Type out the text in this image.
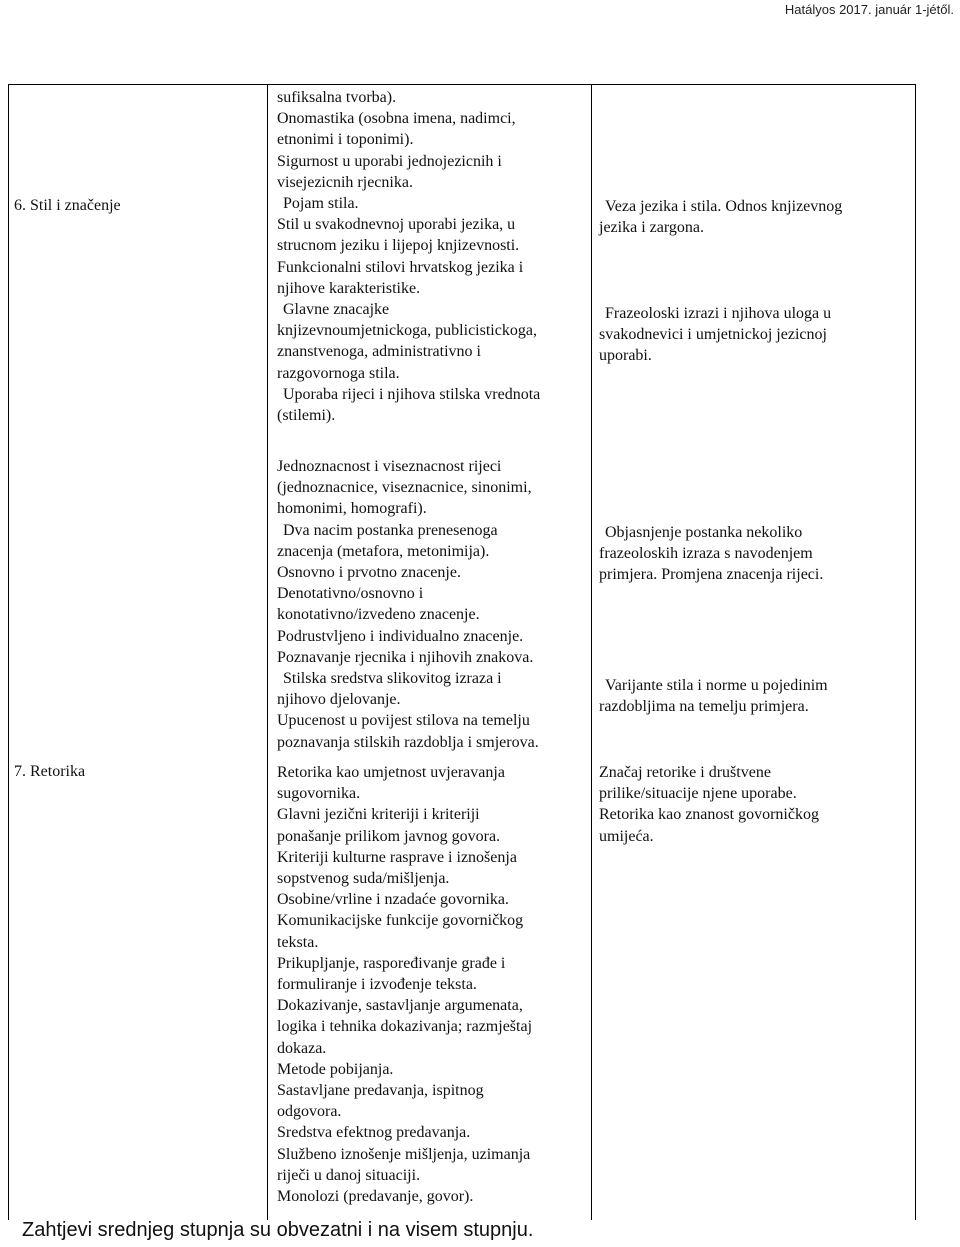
Hatályos 2017. január 1-jétől.
6. Stil i značenje
7. Retorika
sufiksalna tvorba).
Onomastika (osobna imena, nadimci,
etnonimi i toponimi).
Sigurnost u uporabi jednojezicnih i
visejezicnih rjecnika.
Pojam stila.
Stil u svakodnevnoj uporabi jezika, u
strucnom jeziku i lijepoj knjizevnosti.
Funkcionalni stilovi hrvatskog jezika i
njihove karakteristike.
Glavne znacajke
knjizevnoumjetnickoga, publicistickoga,
znanstvenoga, administrativno i
razgovornoga stila.
Uporaba rijeci i njihova stilska vrednota
(stilemi).
Jednoznacnost i viseznacnost rijeci
(jednoznacnice, viseznacnice, sinonimi,
homonimi, homografi).
Dva nacim postanka prenesenoga
znacenja (metafora, metonimija).
Osnovno i prvotno znacenje.
Denotativno/osnovno i
konotativno/izvedeno znacenje.
Podrustvljeno i individualno znacenje.
Poznavanje rjecnika i njihovih znakova.
Stilska sredstva slikovitog izraza i
njihovo djelovanje.
Upucenost u povijest stilova na temelju
poznavanja stilskih razdoblja i smjerova.
Retorika kao umjetnost uvjeravanja
sugovornika.
Glavni jezični kriteriji i kriteriji
ponašanje prilikom javnog govora.
Kriteriji kulturne rasprave i iznošenja
sopstvenog suda/mišljenja.
Osobine/vrline i nzadaće govornika.
Komunikacijske funkcije govorničkog
teksta.
Prikupljanje, raspoređivanje građe i
formuliranje i izvođenje teksta.
Dokazivanje, sastavljanje argumenata,
logika i tehnika dokazivanja; razmještaj
dokaza.
Metode pobijanja.
Sastavljane predavanja, ispitnog
odgovora.
Sredstva efektnog predavanja.
Službeno iznošenje mišljenja, uzimanja
riječi u danoj situaciji.
Monolozi (predavanje, govor).
Veza jezika i stila. Odnos knjizevnog
jezika i zargona.
Frazeoloski izrazi i njihova uloga u
svakodnevici i umjetnickoj jezicnoj
uporabi.
Objasnjenje postanka nekoliko
frazeoloskih izraza s navodenjem
primjera. Promjena znacenja rijeci.
Varijante stila i norme u pojedinim
razdobljima na temelju primjera.
Značaj retorike i društvene
prilike/situacije njene uporabe.
Retorika kao znanost govorničkog
umijeća.
Zahtjevi srednjeg stupnja su obvezatni i na visem stupnju.
